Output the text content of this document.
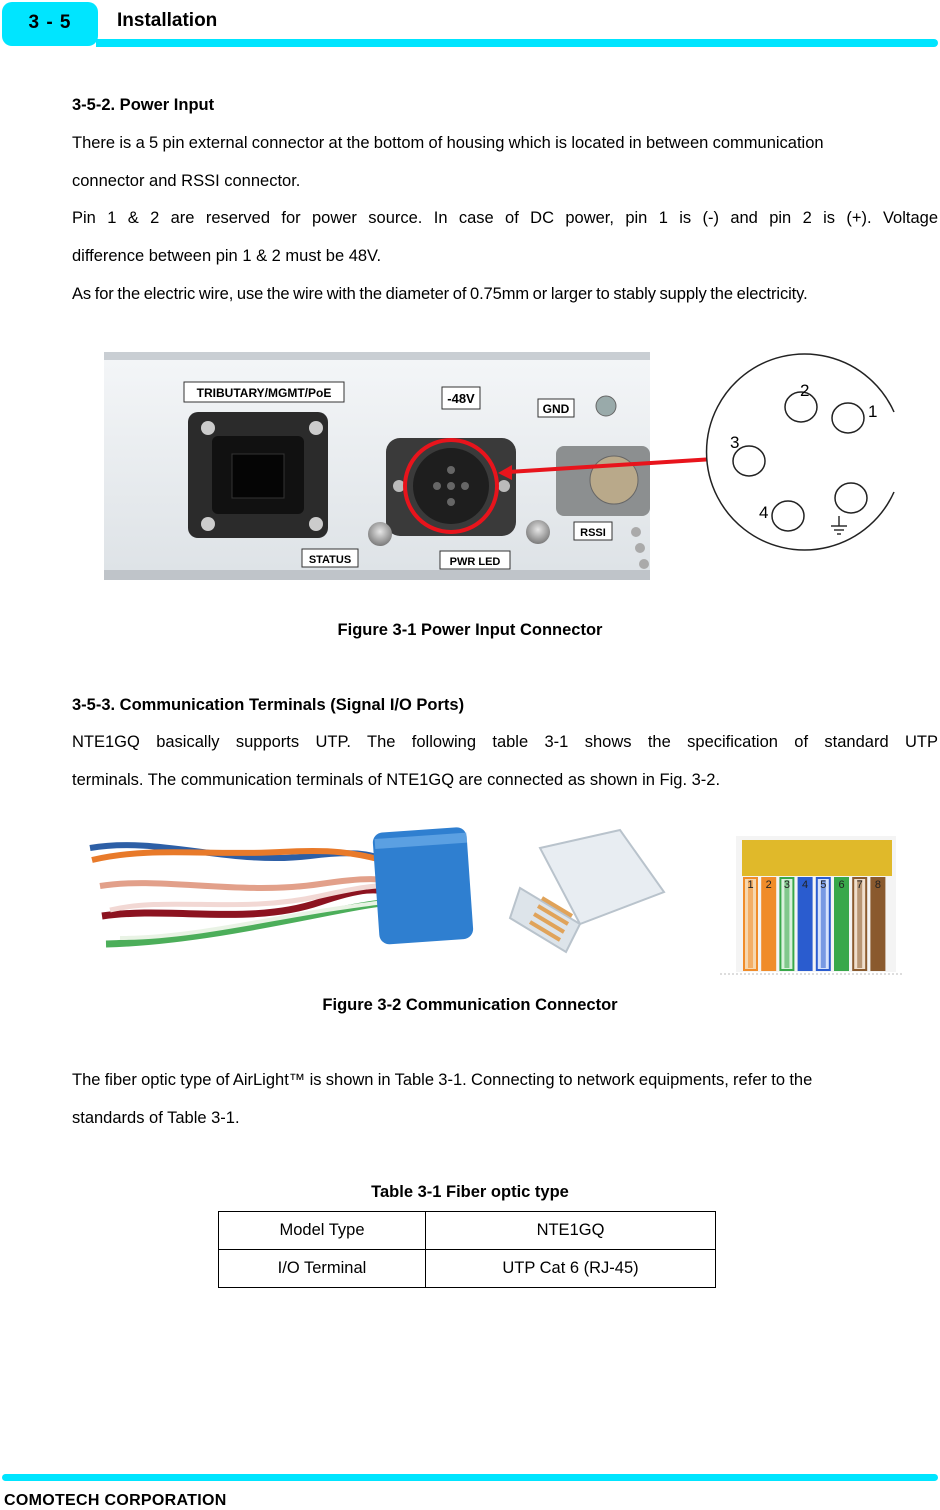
3 - 5	Installation
3-5-2. Power Input
There is a 5 pin external connector at the bottom of housing which is located in between communication
connector and RSSI connector.
Pin 1 & 2 are reserved for power source. In case of DC power, pin 1 is (-) and pin 2 is (+). Voltage
difference between pin 1 & 2 must be 48V.
As for the electric wire, use the wire with the diameter of 0.75mm or larger to stably supply the electricity.
TRIBUTARY/MGMT/PoE	-48V
GND
STATUS	PWR LED
RSSI
1
2
3
4
Figure 3-1 Power Input Connector
3-5-3. Communication Terminals (Signal I/O Ports)
NTE1GQ basically supports UTP. The following table 3-1 shows the specification of standard UTP
terminals. The communication terminals of NTE1GQ are connected as shown in Fig. 3-2.
1 2 3 4 5 6 7 8
Figure 3-2 Communication Connector
The fiber optic type of AirLight™ is shown in Table 3-1. Connecting to network equipments, refer to the
standards of Table 3-1.
Table 3-1 Fiber optic type
Model Type	NTE1GQ
I/O Terminal	UTP Cat 6 (RJ-45)
COMOTECH CORPORATION
